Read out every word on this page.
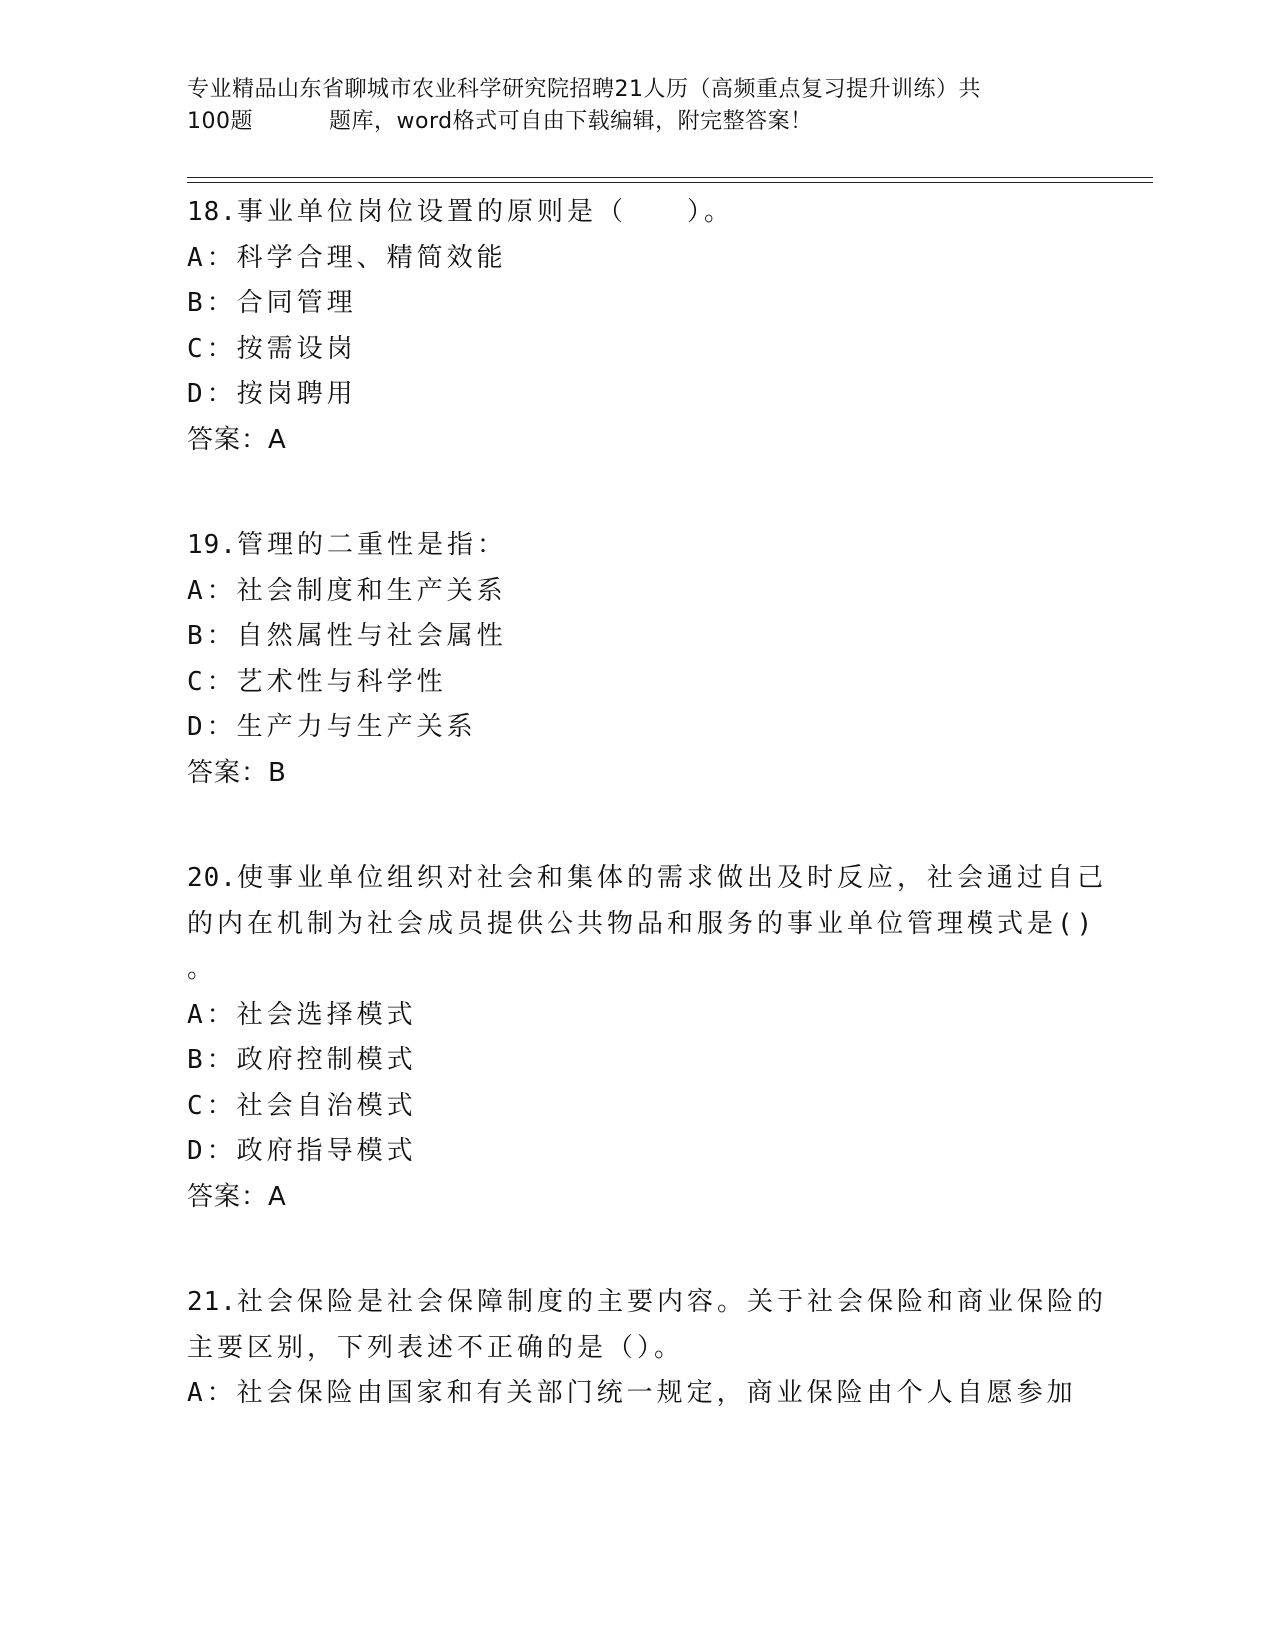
专业精品山东省聊城市农业科学研究院招聘21人历（高频重点复习提升训练）共
100题	题库，word格式可自由下载编辑，附完整答案！
18.事业单位岗位设置的原则是（　　）。
A：科学合理、精简效能
B：合同管理
C：按需设岗
D：按岗聘用
答案：A
19.管理的二重性是指：
A：社会制度和生产关系
B：自然属性与社会属性
C：艺术性与科学性
D：生产力与生产关系
答案：B
20.使事业单位组织对社会和集体的需求做出及时反应，社会通过自己
的内在机制为社会成员提供公共物品和服务的事业单位管理模式是()
。
A：社会选择模式
B：政府控制模式
C：社会自治模式
D：政府指导模式
答案：A
21.社会保险是社会保障制度的主要内容。关于社会保险和商业保险的
主要区别，下列表述不正确的是（）。
A：社会保险由国家和有关部门统一规定，商业保险由个人自愿参加
